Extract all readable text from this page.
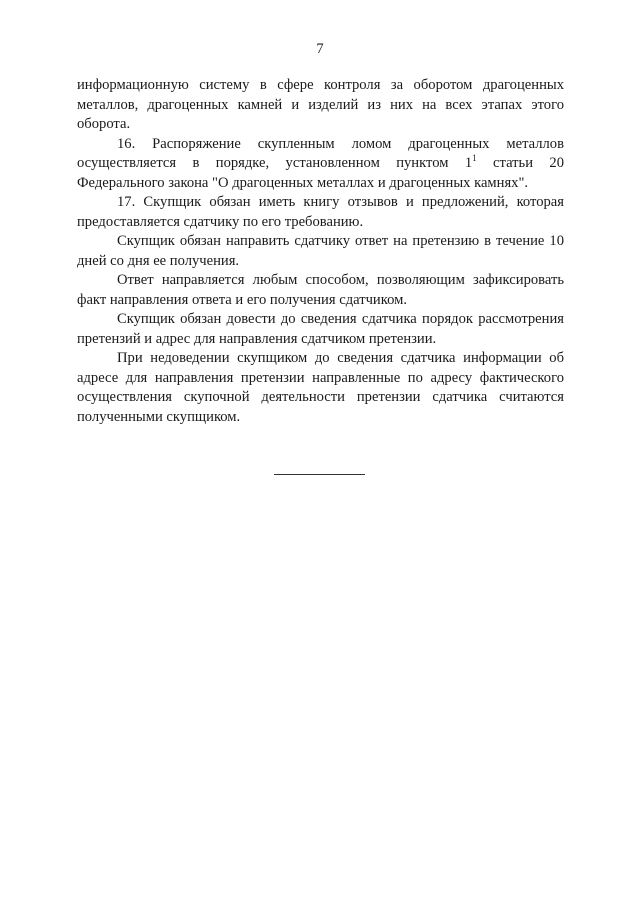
7

информационную систему в сфере контроля за оборотом драгоценных металлов, драгоценных камней и изделий из них на всех этапах этого оборота.

16. Распоряжение скупленным ломом драгоценных металлов осуществляется в порядке, установленном пунктом $1^1$ статьи 20 Федерального закона "О драгоценных металлах и драгоценных камнях".

17. Скупщик обязан иметь книгу отзывов и предложений, которая предоставляется сдатчику по его требованию.

Скупщик обязан направить сдатчику ответ на претензию в течение 10 дней со дня ее получения.

Ответ направляется любым способом, позволяющим зафиксировать факт направления ответа и его получения сдатчиком.

Скупщик обязан довести до сведения сдатчика порядок рассмотрения претензий и адрес для направления сдатчиком претензии.

При недоведении скупщиком до сведения сдатчика информации об адресе для направления претензии направленные по адресу фактического осуществления скупочной деятельности претензии сдатчика считаются полученными скупщиком.
